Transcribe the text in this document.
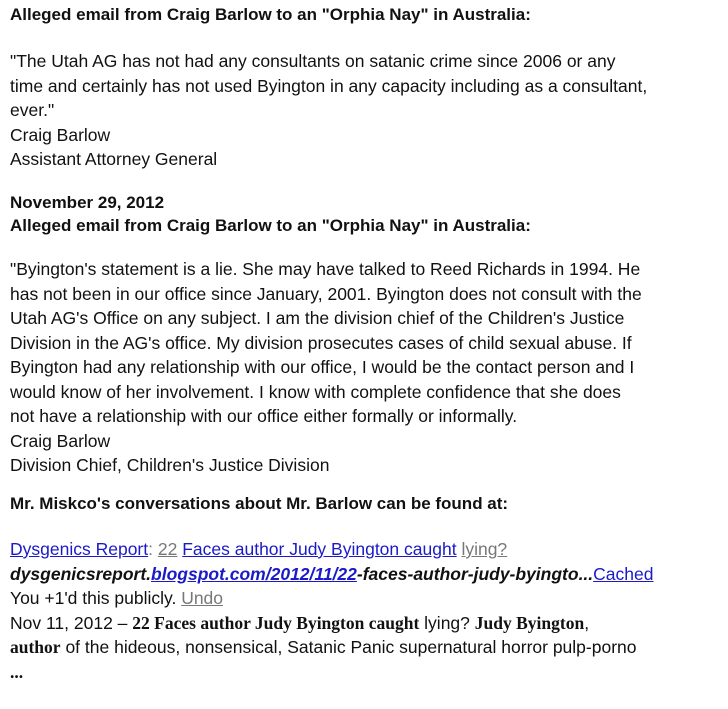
Alleged email from Craig Barlow to an "Orphia Nay" in Australia:
"The Utah AG has not had any consultants on satanic crime since 2006 or any
time and certainly has not used Byington in any capacity including as a consultant,
ever."
Craig Barlow
Assistant Attorney General
November 29, 2012
Alleged email from Craig Barlow to an "Orphia Nay" in Australia:
"Byington's statement is a lie. She may have talked to Reed Richards in 1994. He
has not been in our office since January, 2001. Byington does not consult with the
Utah AG's Office on any subject. I am the division chief of the Children's Justice
Division in the AG's office. My division prosecutes cases of child sexual abuse. If
Byington had any relationship with our office, I would be the contact person and I
would know of her involvement. I know with complete confidence that she does
not have a relationship with our office either formally or informally.
Craig Barlow
Division Chief, Children's Justice Division
Mr. Miskco's conversations about Mr. Barlow can be found at:
Dysgenics Report: 22 Faces author Judy Byington caught lying?
dysgenicsreport.blogspot.com/2012/11/22-faces-author-judy-byingto...Cached
You +1'd this publicly. Undo
Nov 11, 2012 – 22 Faces author Judy Byington caught lying? Judy Byington,
author of the hideous, nonsensical, Satanic Panic supernatural horror pulp-porno
...
